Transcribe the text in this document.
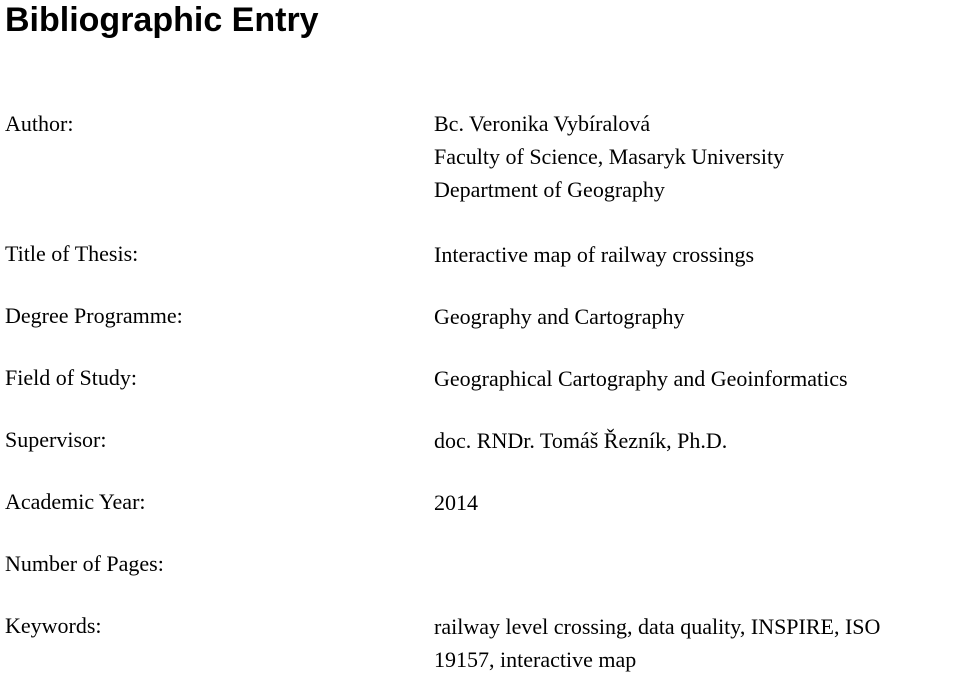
Bibliographic Entry
Author:	Bc. Veronika Vybíralová
Faculty of Science, Masaryk University
Department of Geography
Title of Thesis:	Interactive map of railway crossings
Degree Programme:	Geography and Cartography
Field of Study:	Geographical Cartography and Geoinformatics
Supervisor:	doc. RNDr. Tomáš Řezník, Ph.D.
Academic Year:	2014
Number of Pages:
Keywords:	railway level crossing, data quality, INSPIRE, ISO
19157, interactive map
